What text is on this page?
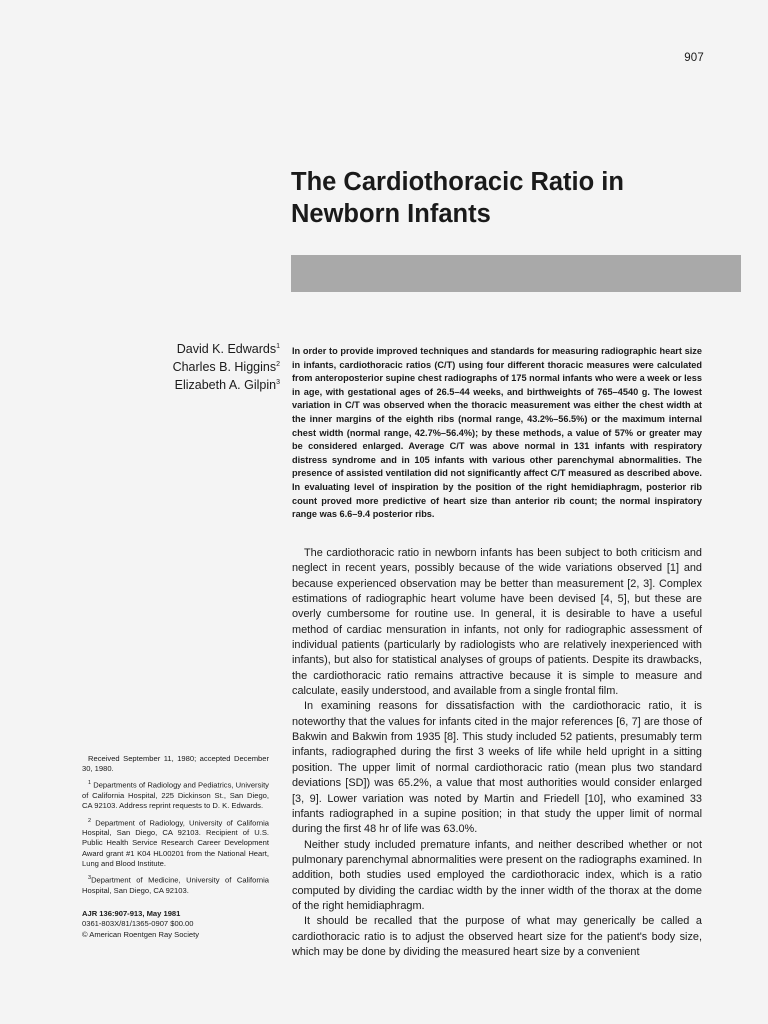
907
The Cardiothoracic Ratio in Newborn Infants
David K. Edwards$^1$
Charles B. Higgins$^2$
Elizabeth A. Gilpin$^3$

In order to provide improved techniques and standards for measuring radiographic heart size in infants, cardiothoracic ratios (C/T) using four different thoracic measures were calculated from anteroposterior supine chest radiographs of 175 normal infants who were a week or less in age, with gestational ages of 26.5–44 weeks, and birthweights of 765–4540 g. The lowest variation in C/T was observed when the thoracic measurement was either the chest width at the inner margins of the eighth ribs (normal range, 43.2%–56.5%) or the maximum internal chest width (normal range, 42.7%–56.4%); by these methods, a value of 57% or greater may be considered enlarged. Average C/T was above normal in 131 infants with respiratory distress syndrome and in 105 infants with various other parenchymal abnormalities. The presence of assisted ventilation did not significantly affect C/T measured as described above. In evaluating level of inspiration by the position of the right hemidiaphragm, posterior rib count proved more predictive of heart size than anterior rib count; the normal inspiratory range was 6.6–9.4 posterior ribs.

The cardiothoracic ratio in newborn infants has been subject to both criticism and neglect in recent years, possibly because of the wide variations observed [1] and because experienced observation may be better than measurement [2, 3]. Complex estimations of radiographic heart volume have been devised [4, 5], but these are overly cumbersome for routine use. In general, it is desirable to have a useful method of cardiac mensuration in infants, not only for radiographic assessment of individual patients (particularly by radiologists who are relatively inexperienced with infants), but also for statistical analyses of groups of patients. Despite its drawbacks, the cardiothoracic ratio remains attractive because it is simple to measure and calculate, easily understood, and available from a single frontal film.

In examining reasons for dissatisfaction with the cardiothoracic ratio, it is noteworthy that the values for infants cited in the major references [6, 7] are those of Bakwin and Bakwin from 1935 [8]. This study included 52 patients, presumably term infants, radiographed during the first 3 weeks of life while held upright in a sitting position. The upper limit of normal cardiothoracic ratio (mean plus two standard deviations [SD]) was 65.2%, a value that most authorities would consider enlarged [3, 9]. Lower variation was noted by Martin and Friedell [10], who examined 33 infants radiographed in a supine position; in that study the upper limit of normal during the first 48 hr of life was 63.0%.

Neither study included premature infants, and neither described whether or not pulmonary parenchymal abnormalities were present on the radiographs examined. In addition, both studies used employed the cardiothoracic index, which is a ratio computed by dividing the cardiac width by the inner width of the thorax at the dome of the right hemidiaphragm.

It should be recalled that the purpose of what may generically be called a cardiothoracic ratio is to adjust the observed heart size for the patient's body size, which may be done by dividing the measured heart size by a convenient

Received September 11, 1980; accepted December 30, 1980.

$^1$ Departments of Radiology and Pediatrics, University of California Hospital, 225 Dickinson St., San Diego, CA 92103. Address reprint requests to D. K. Edwards.

$^2$ Department of Radiology, University of California Hospital, San Diego, CA 92103. Recipient of U.S. Public Health Service Research Career Development Award grant #1 K04 HL00201 from the National Heart, Lung and Blood Institute.

$^3$Department of Medicine, University of California Hospital, San Diego, CA 92103.

AJR 136:907-913, May 1981
0361-803X/81/1365-0907 $00.00
© American Roentgen Ray Society
